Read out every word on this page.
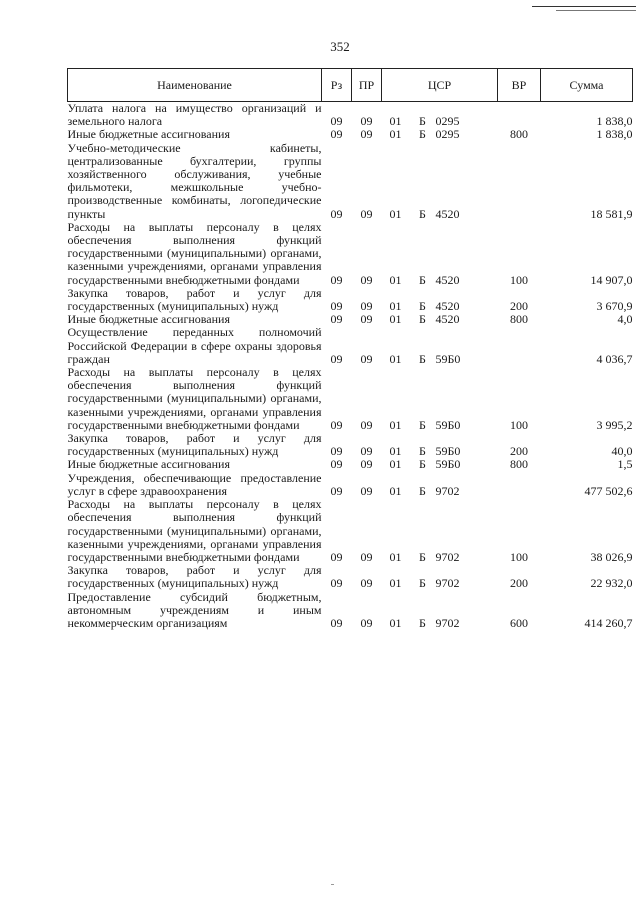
352
Наименование	Рз	ПР	ЦСР			ВР	Сумма
Уплата налога на имущество организаций и земельного налога	09	09	01	Б	0295		1 838,0
Иные бюджетные ассигнования	09	09	01	Б	0295	800	1 838,0
Учебно-методические кабинеты, централизованные бухгалтерии, группы хозяйственного обслуживания, учебные фильмотеки, межшкольные учебно-производственные комбинаты, логопедические пункты	09	09	01	Б	4520		18 581,9
Расходы на выплаты персоналу в целях обеспечения выполнения функций государственными (муниципальными) органами, казенными учреждениями, органами управления государственными внебюджетными фондами	09	09	01	Б	4520	100	14 907,0
Закупка товаров, работ и услуг для государственных (муниципальных) нужд	09	09	01	Б	4520	200	3 670,9
Иные бюджетные ассигнования	09	09	01	Б	4520	800	4,0
Осуществление переданных полномочий Российской Федерации в сфере охраны здоровья граждан	09	09	01	Б	59Б0		4 036,7
Расходы на выплаты персоналу в целях обеспечения выполнения функций государственными (муниципальными) органами, казенными учреждениями, органами управления государственными внебюджетными фондами	09	09	01	Б	59Б0	100	3 995,2
Закупка товаров, работ и услуг для государственных (муниципальных) нужд	09	09	01	Б	59Б0	200	40,0
Иные бюджетные ассигнования	09	09	01	Б	59Б0	800	1,5
Учреждения, обеспечивающие предоставление услуг в сфере здравоохранения	09	09	01	Б	9702		477 502,6
Расходы на выплаты персоналу в целях обеспечения выполнения функций государственными (муниципальными) органами, казенными учреждениями, органами управления государственными внебюджетными фондами	09	09	01	Б	9702	100	38 026,9
Закупка товаров, работ и услуг для государственных (муниципальных) нужд	09	09	01	Б	9702	200	22 932,0
Предоставление субсидий бюджетным, автономным учреждениям и иным некоммерческим организациям	09	09	01	Б	9702	600	414 260,7
